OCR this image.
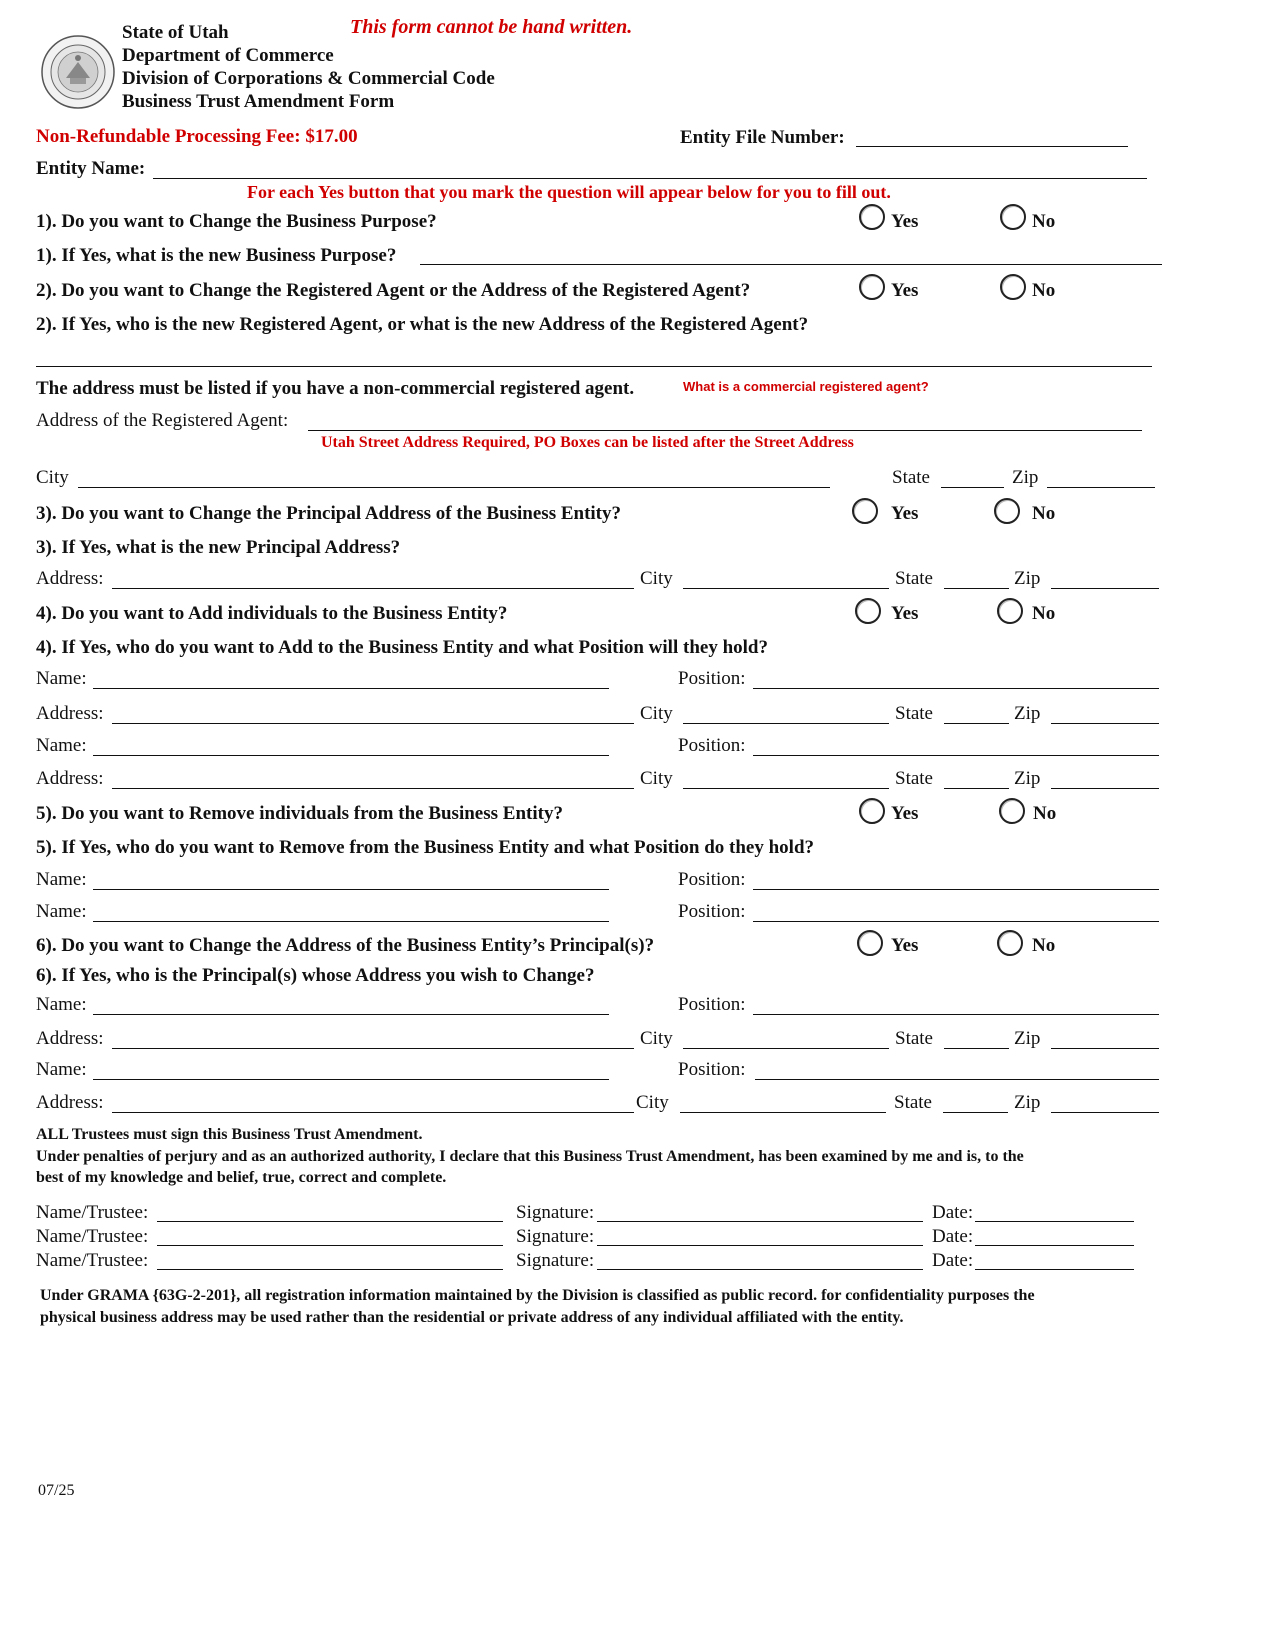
State of Utah
Department of Commerce
Division of Corporations & Commercial Code
Business Trust Amendment Form
This form cannot be hand written.
Non-Refundable Processing Fee: $17.00	Entity File Number:
Entity Name:
For each Yes button that you mark the question will appear below for you to fill out.
1). Do you want to Change the Business Purpose?	Yes	No
1). If Yes, what is the new Business Purpose?
2). Do you want to Change the Registered Agent or the Address of the Registered Agent?	Yes	No
2). If Yes, who is the new Registered Agent, or what is the new Address of the Registered Agent?
The address must be listed if you have a non-commercial registered agent.	What is a commercial registered agent?
Address of the Registered Agent:
Utah Street Address Required, PO Boxes can be listed after the Street Address
City	State	Zip
3). Do you want to Change the Principal Address of the Business Entity?	Yes	No
3). If Yes, what is the new Principal Address?
Address:	City	State	Zip
4). Do you want to Add individuals to the Business Entity?	Yes	No
4). If Yes, who do you want to Add to the Business Entity and what Position will they hold?
Name:	Position:
Address:	City	State	Zip
Name:	Position:
Address:	City	State	Zip
5). Do you want to Remove individuals from the Business Entity?	Yes	No
5). If Yes, who do you want to Remove from the Business Entity and what Position do they hold?
Name:	Position:
Name:	Position:
6). Do you want to Change the Address of the Business Entity’s Principal(s)?	Yes	No
6). If Yes, who is the Principal(s) whose Address you wish to Change?
Name:	Position:
Address:	City	State	Zip
Name:	Position:
Address:	City	State	Zip
ALL Trustees must sign this Business Trust Amendment.
Under penalties of perjury and as an authorized authority, I declare that this Business Trust Amendment, has been examined by me and is, to the
best of my knowledge and belief, true, correct and complete.
Name/Trustee:	Signature:	Date:
Name/Trustee:	Signature:	Date:
Name/Trustee:	Signature:	Date:
Under GRAMA {63G-2-201}, all registration information maintained by the Division is classified as public record. for confidentiality purposes the
physical business address may be used rather than the residential or private address of any individual affiliated with the entity.
07/25
